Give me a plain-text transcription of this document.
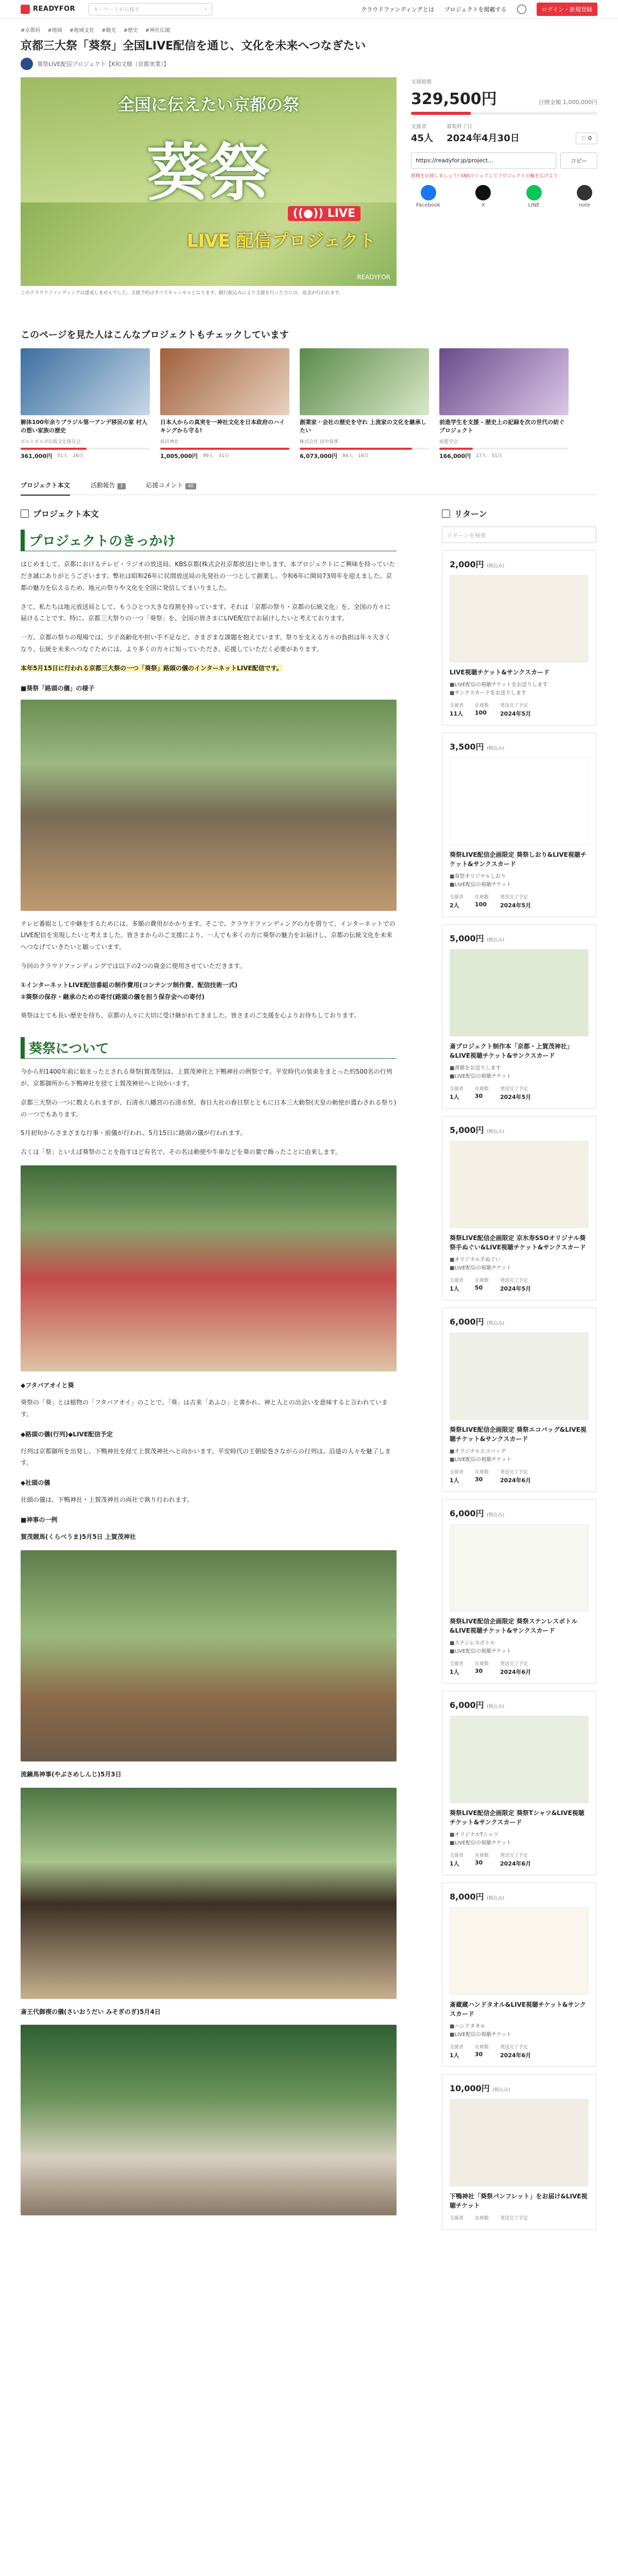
READYFOR	キーワードから探す	⌕	クラウドファンディングとは プロジェクトを掲載する	ログイン・新規登録
#京都府 #地域 #地域文化 #観光 #歴史 #神社仏閣
京都三大祭「葵祭」全国LIVE配信を通じ、文化を未来へつなぎたい
葵祭LIVE配信プロジェクト【K和文様（京都実業）】
全国に伝えたい京都の祭
葵祭
((●)) LIVE
LIVE 配信プロジェクト
READYFOR
このクラウドファンディングは達成しませんでした。支援予約はすべてキャンセルとなります。銀行振込みにより支援を行った方には、返金が行われます。
支援総額
329,500円	目標金額 1,000,000円
支援者
45人
募集終了日
2024年4月30日	♡ 0
https://readyfor.jp/project...	コピー
挑戦を応援しましょう! SNSでシェアしてプロジェクトの輪を広げよう
Facebook	X	LINE	note
このページを見た人はこんなプロジェクトもチェックしています
解体100年余りブラジル第一アンデ移民の家 村人の想い家族の歴史
ポルトガルゼ伝統文化保存会
361,000円 51人 26日
日本人からの真実を一神社文化を日本政府のハイキングから守る!
前田神社
1,005,000円 99人 31日
創業家・会社の歴史を守れ 上流家の文化を継承したい
株式会社 田中商事
6,073,000円 84人 16日
前進学生を支援 - 歴史上の記録を次の世代の紡ぐプロジェクト
前進学会
166,000円 17人 51日
プロジェクト本文	活動報告 3	応援コメント 40
プロジェクト本文
プロジェクトのきっかけ

はじめまして。京都におけるテレビ・ラジオの放送局、KBS京都(株式会社京都放送)と申します。本プロジェクトにご興味を持っていただき誠にありがとうございます。弊社は昭和26年に民間放送局の先発社の一つとして創業し、令和6年に開局73周年を迎えました。京都の魅力を伝えるため、地元の祭りや文化を全国に発信してまいりました。

さて、私たちは地元放送局として、もうひとつ大きな役割を持っています。それは「京都の祭り・京都の伝統文化」を、全国の方々に届けることです。特に、京都三大祭りの一つ「葵祭」を、全国の皆さまにLIVE配信でお届けしたいと考えております。

一方、京都の祭りの現場では、少子高齢化や担い手不足など、さまざまな課題を抱えています。祭りを支える方々の負担は年々大きくなり、伝統を未来へつなぐためには、より多くの方々に知っていただき、応援していただく必要があります。

本年5月15日に行われる京都三大祭の一つ「葵祭」路頭の儀のインターネットLIVE配信です。

■葵祭「路頭の儀」の様子

テレビ番組として中継をするためには、多額の費用がかかります。そこで、クラウドファンディングの力を借りて、インターネットでのLIVE配信を実現したいと考えました。皆さまからのご支援により、一人でも多くの方に葵祭の魅力をお届けし、京都の伝統文化を未来へつなげていきたいと願っています。

今回のクラウドファンディングでは以下の2つの資金に使用させていただきます。

①インターネットLIVE配信番組の制作費用(コンテンツ制作費、配信技術一式)
②葵祭の保存・継承のための寄付(路頭の儀を担う保存会への寄付)

葵祭はとても長い歴史を持ち、京都の人々に大切に受け継がれてきました。皆さまのご支援を心よりお待ちしております。

葵祭について

今から約1400年前に始まったとされる葵祭(賀茂祭)は、上賀茂神社と下鴨神社の例祭です。平安時代の装束をまとった約500名の行列が、京都御所から下鴨神社を経て上賀茂神社へと向かいます。

京都三大祭の一つに数えられますが、石清水八幡宮の石清水祭、春日大社の春日祭とともに日本三大勅祭(天皇の勅使が遣わされる祭り)の一つでもあります。

5月初旬からさまざまな行事・前儀が行われ、5月15日に路頭の儀が行われます。

古くは「祭」といえば葵祭のことを指すほど有名で、その名は勅使や牛車などを葵の葉で飾ったことに由来します。

◆フタバアオイと葵

葵祭の「葵」とは植物の「フタバアオイ」のことで、「葵」は古来「あふひ」と書かれ、神と人との出会いを意味すると言われています。

◆路頭の儀(行列)◆LIVE配信予定

行列は京都御所を出発し、下鴨神社を経て上賀茂神社へと向かいます。平安時代の王朝絵巻さながらの行列は、沿道の人々を魅了します。

◆社頭の儀

社頭の儀は、下鴨神社・上賀茂神社の両社で執り行われます。

■神事の一例

賀茂競馬(くらべうま)5月5日 上賀茂神社

流鏑馬神事(やぶさめしんじ)5月3日

斎王代御禊の儀(さいおうだい みそぎのぎ)5月4日

リターン
リターンを検索
2,000円 (税込み)
LIVE視聴チケット&サンクスカード
■LIVE配信の視聴チケットをお送りします
■サンクスカードをお送りします
支援者
11人
在庫数
100
発送完了予定
2024年5月
3,500円 (税込み)
葵祭LIVE配信企画限定 葵祭しおり&LIVE視聴チケット&サンクスカード
■葵祭オリジナルしおり
■LIVE配信の視聴チケット
支援者
2人
在庫数
100
発送完了予定
2024年5月
5,000円 (税込み)
斎プロジェクト制作本「京都・上賀茂神社」&LIVE視聴チケット&サンクスカード
■書籍をお送りします
■LIVE配信の視聴チケット
支援者
1人
在庫数
30
発送完了予定
2024年5月
5,000円 (税込み)
葵祭LIVE配信企画限定 京氷寿SSOオリジナル葵祭手ぬぐい&LIVE視聴チケット&サンクスカード
■オリジナル手ぬぐい
■LIVE配信の視聴チケット
支援者
1人
在庫数
50
発送完了予定
2024年5月
6,000円 (税込み)
葵祭LIVE配信企画限定 葵祭エコバッグ&LIVE視聴チケット&サンクスカード
■オリジナルエコバッグ
■LIVE配信の視聴チケット
支援者
1人
在庫数
30
発送完了予定
2024年6月
6,000円 (税込み)
葵祭LIVE配信企画限定 葵祭ステンレスボトル&LIVE視聴チケット&サンクスカード
■ステンレスボトル
■LIVE配信の視聴チケット
支援者
1人
在庫数
30
発送完了予定
2024年6月
6,000円 (税込み)
葵祭LIVE配信企画限定 葵祭Tシャツ&LIVE視聴チケット&サンクスカード
■オリジナルTシャツ
■LIVE配信の視聴チケット
支援者
1人
在庫数
30
発送完了予定
2024年6月
8,000円 (税込み)
斎蔵蔵ハンドタオル&LIVE視聴チケット&サンクスカード
■ハンドタオル
■LIVE配信の視聴チケット
支援者
1人
在庫数
30
発送完了予定
2024年6月
10,000円 (税込み)
下鴨神社「葵祭パンフレット」をお届け&LIVE視聴チケット
支援者 在庫数 発送完了予定
